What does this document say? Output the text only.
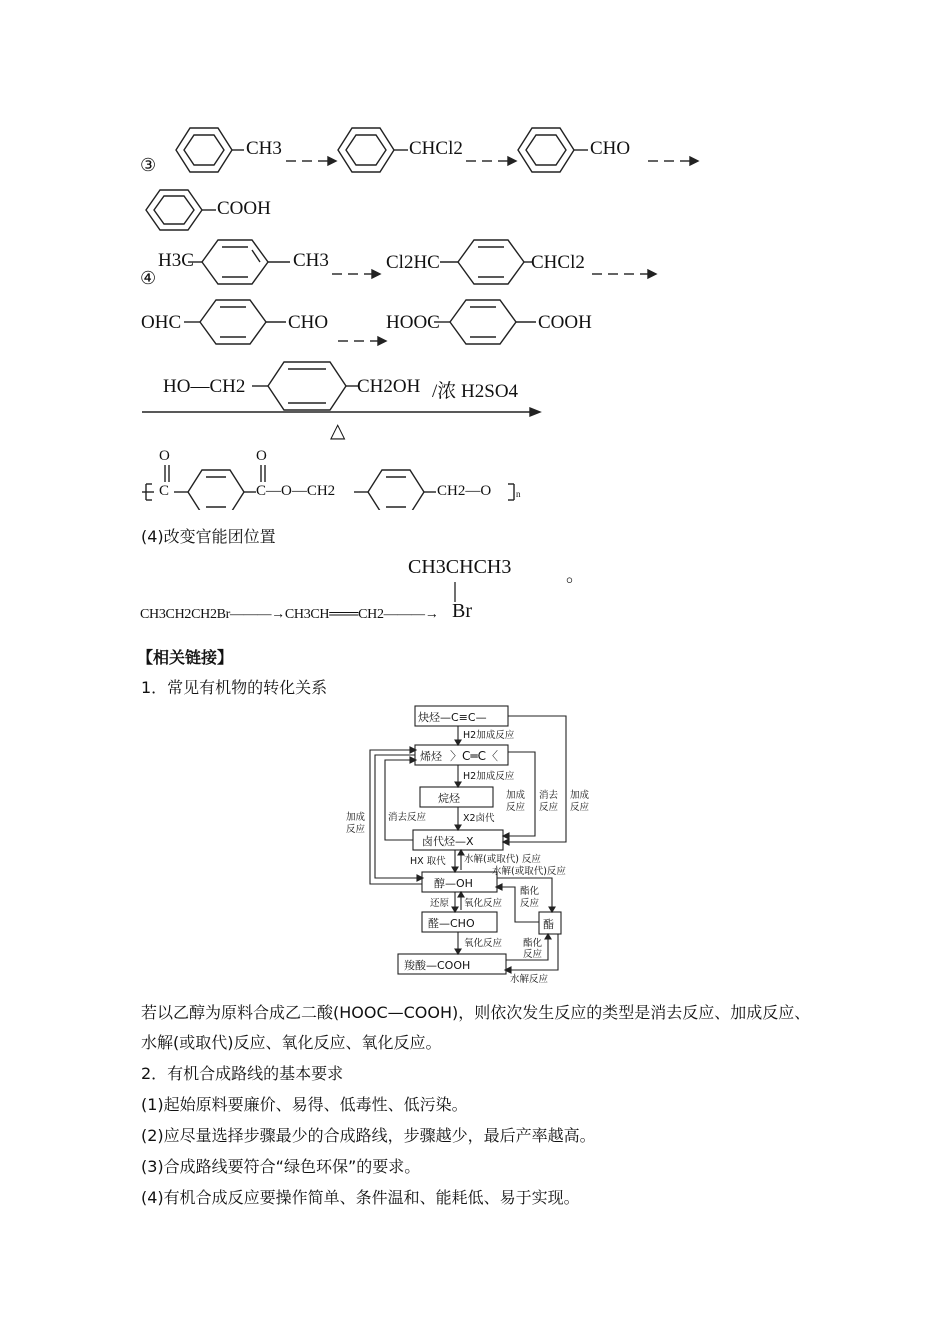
③
CH3	CHCl2	CHO
COOH
④
H3C	CH3	Cl2HC	CHCl2
OHC	CHO	HOOC	COOH
HO—CH2	CH2OH /浓 H2SO4
△
O	O
C	C—O—CH2	CH2—O	n
(4)改变官能团位置
CH3CH2CH2Br———→CH3CH═══CH2———→
CH3CHCH3
Br
。
【相关链接】
1．常见有机物的转化关系
炔烃—C≡C—
烯烃 〉C═C〈
烷烃
卤代烃—X
醇—OH
醛—CHO	酯
羧酸—COOH
H2加成反应
H2加成反应
X2卤代
加成
反应
消去
反应
加成
反应
加成
反应
消去反应
HX 取代 水解(或取代) 反应
水解(或取代)反应
酯化
反应
还原 氧化反应
氧化反应 酯化
反应
水解反应
若以乙醇为原料合成乙二酸(HOOC—COOH)，则依次发生反应的类型是消去反应、加成反应、
水解(或取代)反应、氧化反应、氧化反应。
2．有机合成路线的基本要求
(1)起始原料要廉价、易得、低毒性、低污染。
(2)应尽量选择步骤最少的合成路线，步骤越少，最后产率越高。
(3)合成路线要符合“绿色环保”的要求。
(4)有机合成反应要操作简单、条件温和、能耗低、易于实现。
